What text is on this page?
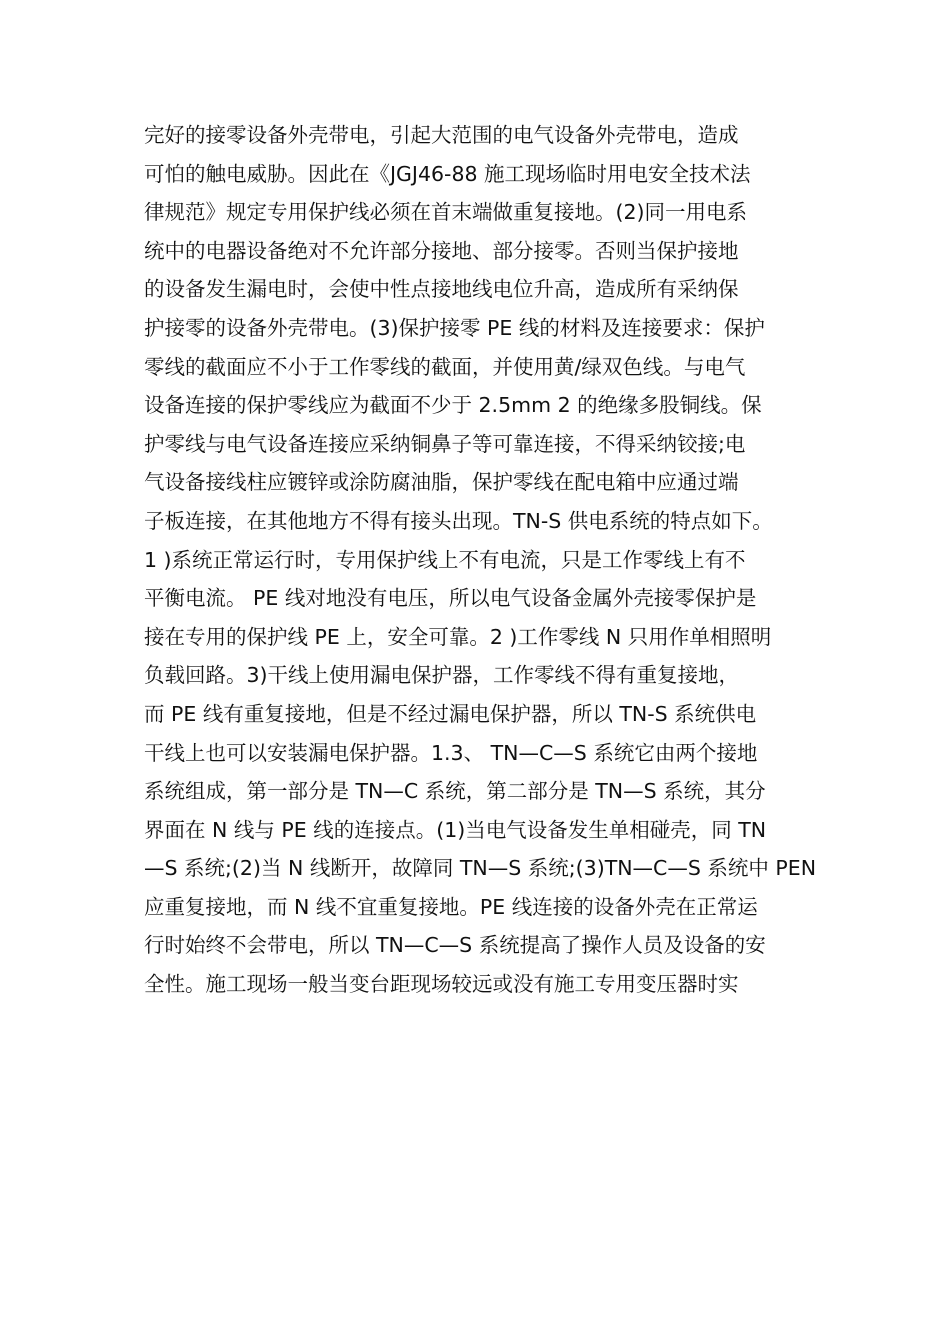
完好的接零设备外壳带电，引起大范围的电气设备外壳带电，造成
可怕的触电威胁。因此在《JGJ46-88 施工现场临时用电安全技术法
律规范》规定专用保护线必须在首末端做重复接地。(2)同一用电系
统中的电器设备绝对不允许部分接地、部分接零。否则当保护接地
的设备发生漏电时，会使中性点接地线电位升高，造成所有采纳保
护接零的设备外壳带电。(3)保护接零 PE 线的材料及连接要求：保护
零线的截面应不小于工作零线的截面，并使用黄/绿双色线。与电气
设备连接的保护零线应为截面不少于 2.5mm 2 的绝缘多股铜线。保
护零线与电气设备连接应采纳铜鼻子等可靠连接，不得采纳铰接;电
气设备接线柱应镀锌或涂防腐油脂，保护零线在配电箱中应通过端
子板连接，在其他地方不得有接头出现。TN-S 供电系统的特点如下。
1 )系统正常运行时，专用保护线上不有电流，只是工作零线上有不
平衡电流。 PE 线对地没有电压，所以电气设备金属外壳接零保护是
接在专用的保护线 PE 上，安全可靠。2 )工作零线 N 只用作单相照明
负载回路。3)干线上使用漏电保护器，工作零线不得有重复接地，
而 PE 线有重复接地，但是不经过漏电保护器，所以 TN-S 系统供电
干线上也可以安装漏电保护器。1.3、 TN—C—S 系统它由两个接地
系统组成，第一部分是 TN—C 系统，第二部分是 TN—S 系统，其分
界面在 N 线与 PE 线的连接点。(1)当电气设备发生单相碰壳，同 TN
—S 系统;(2)当 N 线断开，故障同 TN—S 系统;(3)TN—C—S 系统中 PEN
应重复接地，而 N 线不宜重复接地。PE 线连接的设备外壳在正常运
行时始终不会带电，所以 TN—C—S 系统提高了操作人员及设备的安
全性。施工现场一般当变台距现场较远或没有施工专用变压器时实
